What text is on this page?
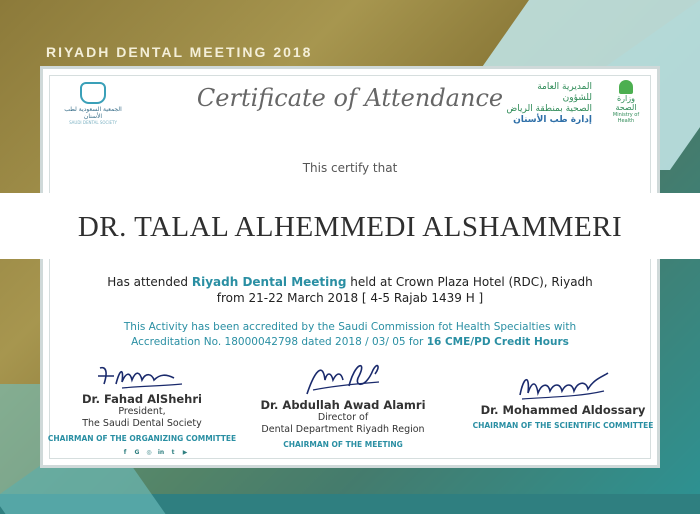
RIYADH DENTAL MEETING 2018
الجمعية السعودية لطب الأسنان
SAUDI DENTAL SOCIETY
Certificate of Attendance	المديرية العامة للشؤون
الصحية بمنطقة الرياض
إدارة طب الأسنان
وزارة الصحة
Ministry of Health
This certify that
DR. TALAL ALHEMMEDI ALSHAMMERI
Has attended Riyadh Dental Meeting held at Crown Plaza Hotel (RDC), Riyadh
from 21-22 March 2018 [ 4-5 Rajab 1439 H ]
This Activity has been accredited by the Saudi Commission fot Health Specialties with
Accreditation No. 18000042798 dated 2018 / 03/ 05 for 16 CME/PD Credit Hours
Dr. Fahad AlShehri
President,
The Saudi Dental Society
CHAIRMAN OF THE ORGANIZING COMMITTEE
Dr. Abdullah Awad Alamri
Director of
Dental Department Riyadh Region
CHAIRMAN OF THE MEETING
Dr. Mohammed Aldossary
CHAIRMAN OF THE SCIENTIFIC COMMITTEE
f	G	◎	in	t	▶ @DentalRiyadh
